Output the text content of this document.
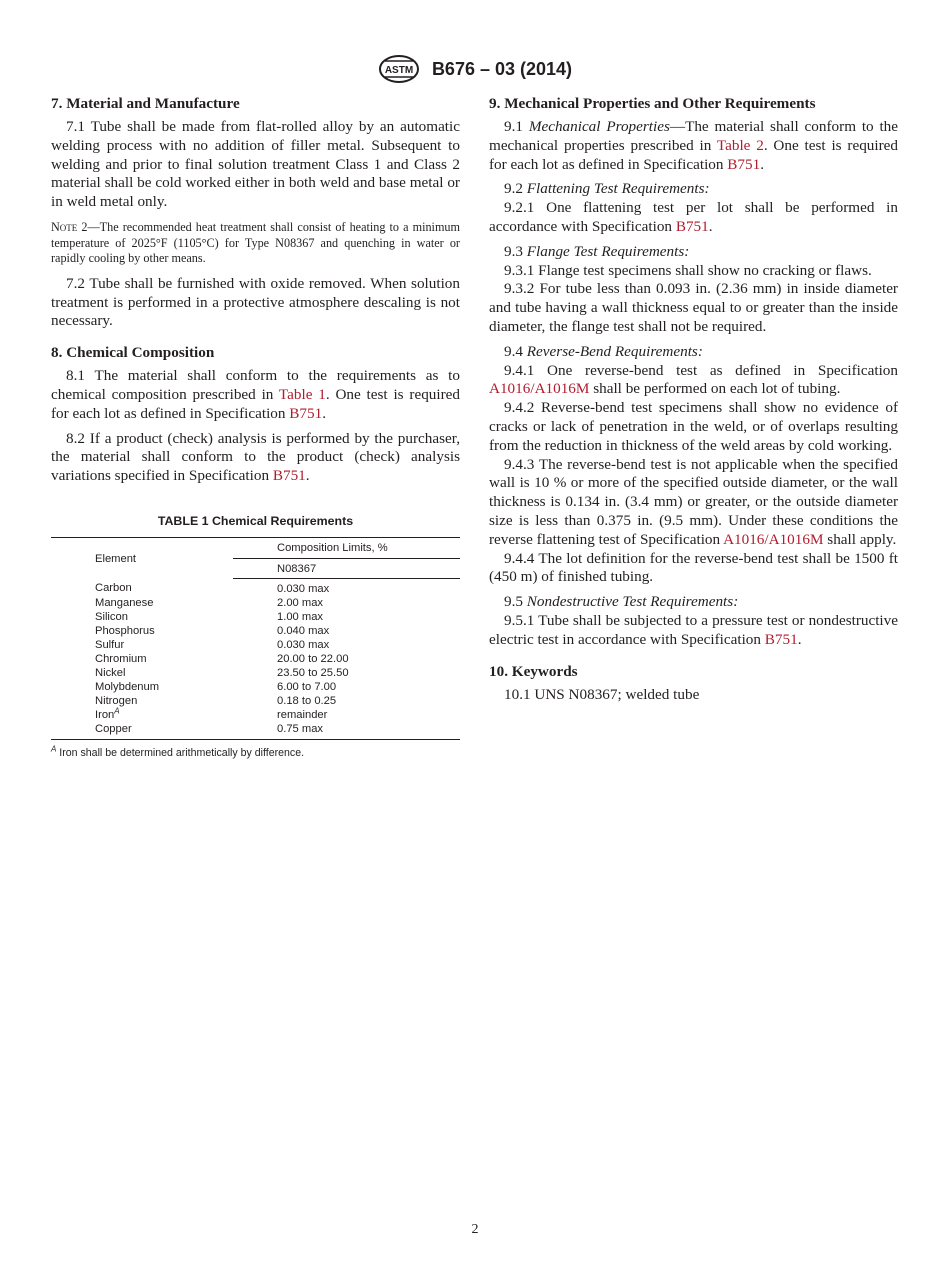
ASTM B676 – 03 (2014)
7. Material and Manufacture

7.1 Tube shall be made from flat-rolled alloy by an automatic welding process with no addition of filler metal. Subsequent to welding and prior to final solution treatment Class 1 and Class 2 material shall be cold worked either in both weld and base metal or in weld metal only.

Note 2—The recommended heat treatment shall consist of heating to a minimum temperature of 2025°F (1105°C) for Type N08367 and quenching in water or rapidly cooling by other means.

7.2 Tube shall be furnished with oxide removed. When solution treatment is performed in a protective atmosphere descaling is not necessary.

8. Chemical Composition

8.1 The material shall conform to the requirements as to chemical composition prescribed in Table 1. One test is required for each lot as defined in Specification B751.

8.2 If a product (check) analysis is performed by the purchaser, the material shall conform to the product (check) analysis variations specified in Specification B751.

TABLE 1 Chemical Requirements
Element	Composition Limits, %
	N08367
Carbon	0.030 max
Manganese	2.00 max
Silicon	1.00 max
Phosphorus	0.040 max
Sulfur	0.030 max
Chromium	20.00 to 22.00
Nickel	23.50 to 25.50
Molybdenum	6.00 to 7.00
Nitrogen	0.18 to 0.25
Iron$^A$	remainder
Copper	0.75 max
$^A$ Iron shall be determined arithmetically by difference.
9. Mechanical Properties and Other Requirements

9.1 Mechanical Properties—The material shall conform to the mechanical properties prescribed in Table 2. One test is required for each lot as defined in Specification B751.

9.2 Flattening Test Requirements:

9.2.1 One flattening test per lot shall be performed in accordance with Specification B751.

9.3 Flange Test Requirements:

9.3.1 Flange test specimens shall show no cracking or flaws.

9.3.2 For tube less than 0.093 in. (2.36 mm) in inside diameter and tube having a wall thickness equal to or greater than the inside diameter, the flange test shall not be required.

9.4 Reverse-Bend Requirements:

9.4.1 One reverse-bend test as defined in Specification A1016/A1016M shall be performed on each lot of tubing.

9.4.2 Reverse-bend test specimens shall show no evidence of cracks or lack of penetration in the weld, or of overlaps resulting from the reduction in thickness of the weld areas by cold working.

9.4.3 The reverse-bend test is not applicable when the specified wall is 10 % or more of the specified outside diameter, or the wall thickness is 0.134 in. (3.4 mm) or greater, or the outside diameter size is less than 0.375 in. (9.5 mm). Under these conditions the reverse flattening test of Specification A1016/A1016M shall apply.

9.4.4 The lot definition for the reverse-bend test shall be 1500 ft (450 m) of finished tubing.

9.5 Nondestructive Test Requirements:

9.5.1 Tube shall be subjected to a pressure test or nondestructive electric test in accordance with Specification B751.

10. Keywords

10.1 UNS N08367; welded tube

2
